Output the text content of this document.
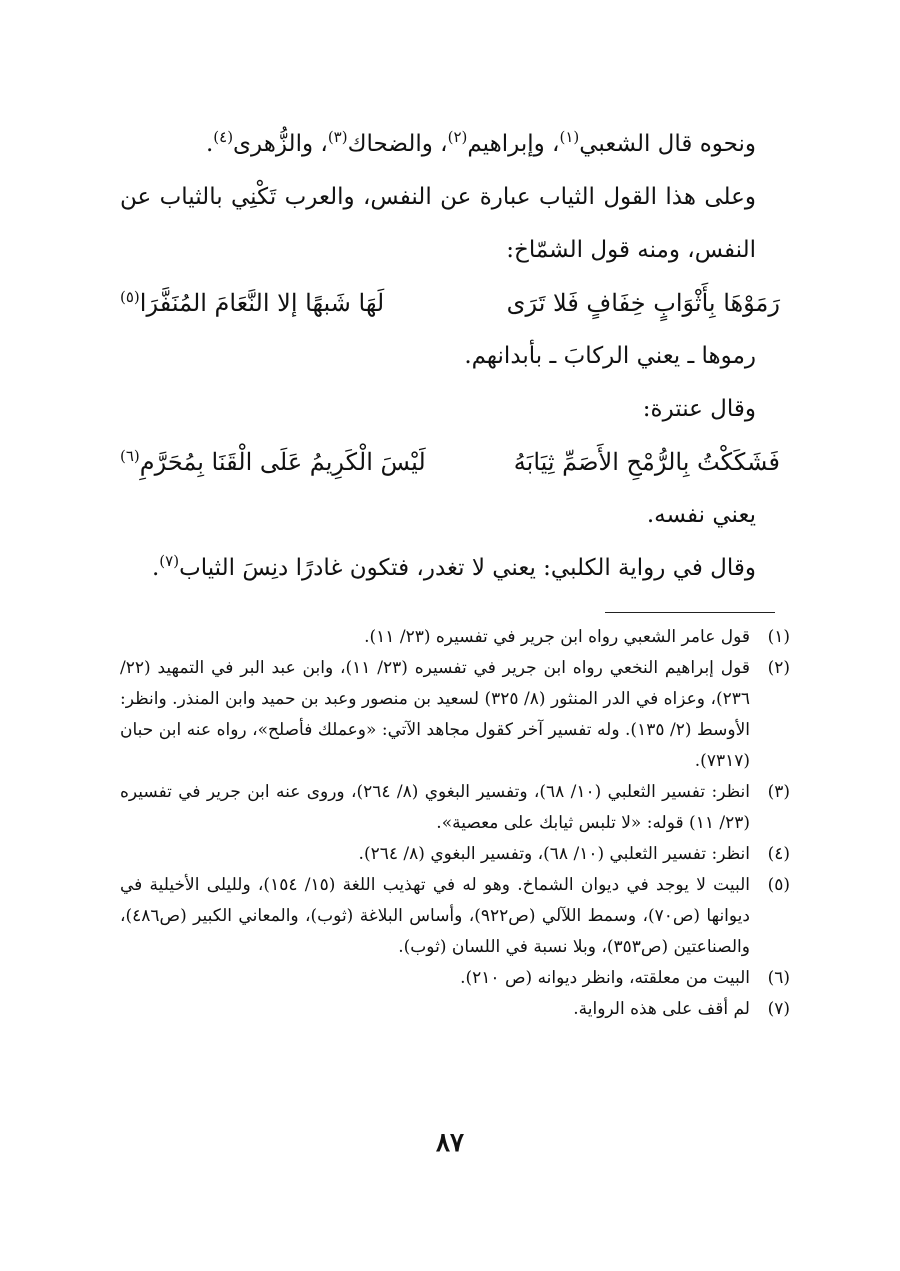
ونحوه قال الشعبي$^{(١)}$، وإبراهيم$^{(٢)}$، والضحاك$^{(٣)}$، والزُّهرى$^{(٤)}$.

وعلى هذا القول الثياب عبارة عن النفس، والعرب تَكْنِي بالثياب عن النفس، ومنه قول الشمّاخ:

رَمَوْهَا بِأَثْوَابٍ خِفَافٍ فَلا تَرَى
لَهَا شَبهًا إلا النَّعَامَ المُنَفَّرَا$^{(٥)}$

رموها ـ يعني الركابَ ـ بأبدانهم.

وقال عنترة:

فَشَكَكْتُ بِالرُّمْحِ الأَصَمِّ ثِيَابَهُ
لَيْسَ الْكَرِيمُ عَلَى الْقَنَا بِمُحَرَّمِ$^{(٦)}$

يعني نفسه.

وقال في رواية الكلبي: يعني لا تغدر، فتكون غادرًا دنِسَ الثياب$^{(٧)}$.

(١)
قول عامر الشعبي رواه ابن جرير في تفسيره (٢٣/ ١١).
(٢)
قول إبراهيم النخعي رواه ابن جرير في تفسيره (٢٣/ ١١)، وابن عبد البر في التمهيد (٢٢/ ٢٣٦)، وعزاه في الدر المنثور (٨/ ٣٢٥) لسعيد بن منصور وعبد بن حميد وابن المنذر. وانظر: الأوسط (٢/ ١٣٥). وله تفسير آخر كقول مجاهد الآتي: «وعملك فأصلح»، رواه عنه ابن حبان (٧٣١٧).
(٣)
انظر: تفسير الثعلبي (١٠/ ٦٨)، وتفسير البغوي (٨/ ٢٦٤)، وروى عنه ابن جرير في تفسيره (٢٣/ ١١) قوله: «لا تلبس ثيابك على معصية».
(٤)
انظر: تفسير الثعلبي (١٠/ ٦٨)، وتفسير البغوي (٨/ ٢٦٤).
(٥)
البيت لا يوجد في ديوان الشماخ. وهو له في تهذيب اللغة (١٥/ ١٥٤)، ولليلى الأخيلية في ديوانها (ص٧٠)، وسمط اللآلي (ص٩٢٢)، وأساس البلاغة (ثوب)، والمعاني الكبير (ص٤٨٦)، والصناعتين (ص٣٥٣)، وبلا نسبة في اللسان (ثوب).
(٦)
البيت من معلقته، وانظر ديوانه (ص ٢١٠).
(٧)
لم أقف على هذه الرواية.
٨٧
